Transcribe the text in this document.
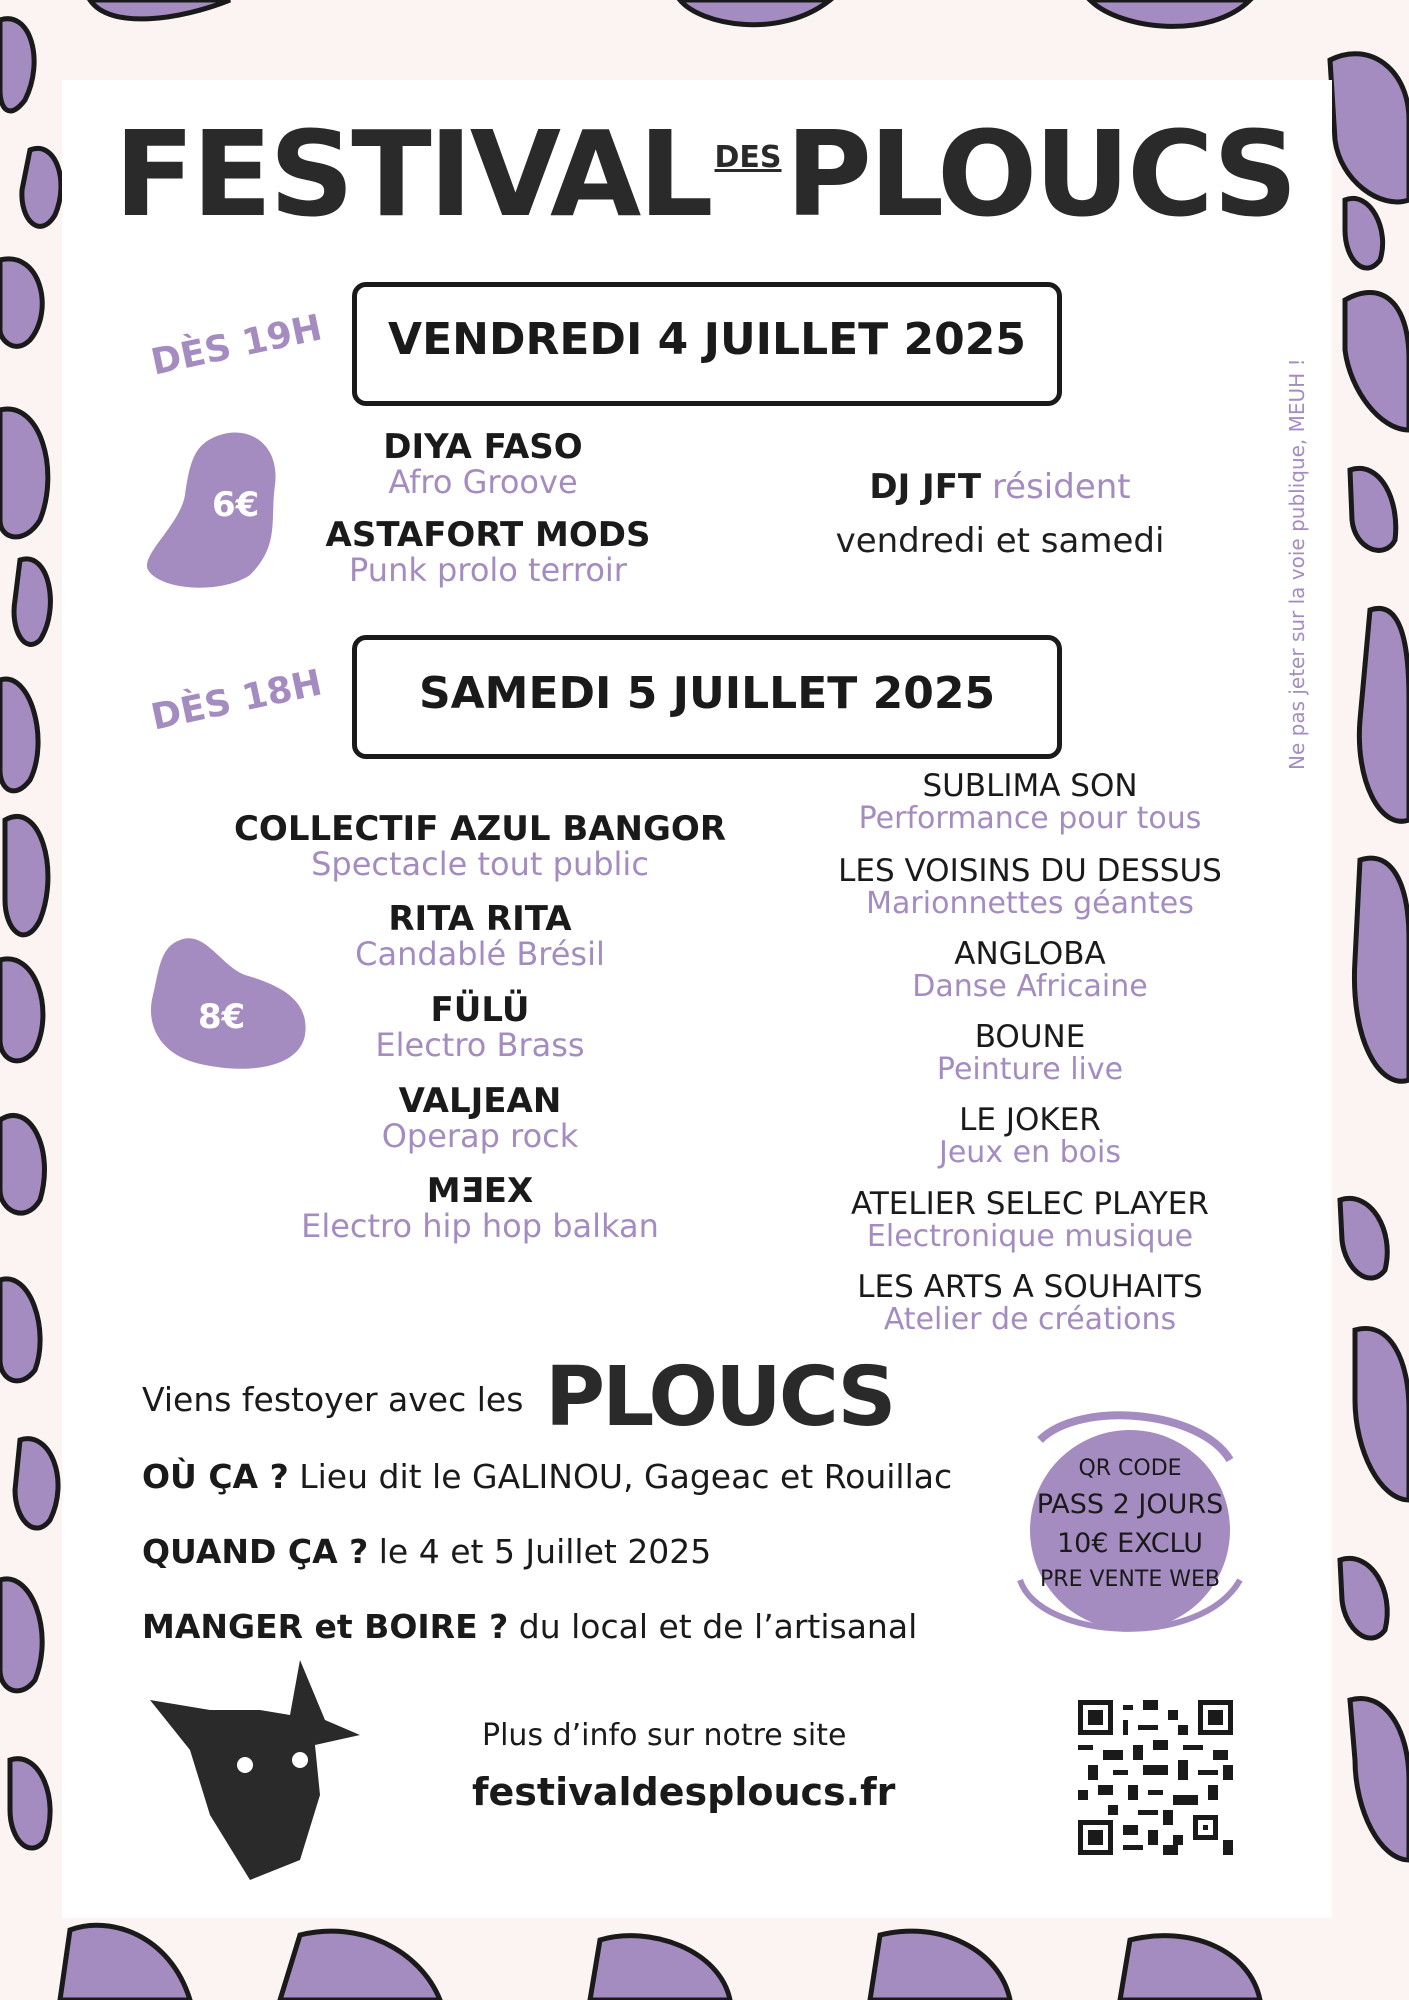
FESTIVAL $^{DES}$PLOUCS
Ne pas jeter sur la voie publique, MEUH !
DÈS 19H	VENDREDI 4 JUILLET 2025
6€
DIYA FASO
Afro Groove
ASTAFORT MODS
Punk prolo terroir
DJ JFT résident
vendredi et samedi
DÈS 18H	SAMEDI 5 JUILLET 2025
8€
COLLECTIF AZUL BANGOR
Spectacle tout public
RITA RITA
Candablé Brésil
FÜLÜ
Electro Brass
VALJEAN
Operap rock
MƎEX
Electro hip hop balkan
SUBLIMA SON
Performance pour tous
LES VOISINS DU DESSUS
Marionnettes géantes
ANGLOBA
Danse Africaine
BOUNE
Peinture live
LE JOKER
Jeux en bois
ATELIER SELEC PLAYER
Electronique musique
LES ARTS A SOUHAITS
Atelier de créations
Viens festoyer avec les PLOUCS
OÙ ÇA ? Lieu dit le GALINOU, Gageac et Rouillac
QUAND ÇA ? le 4 et 5 Juillet 2025
MANGER et BOIRE ? du local et de l’artisanal
Plus d’info sur notre site
festivaldesploucs.fr
QR CODE
PASS 2 JOURS
10€ EXCLU
PRE VENTE WEB
